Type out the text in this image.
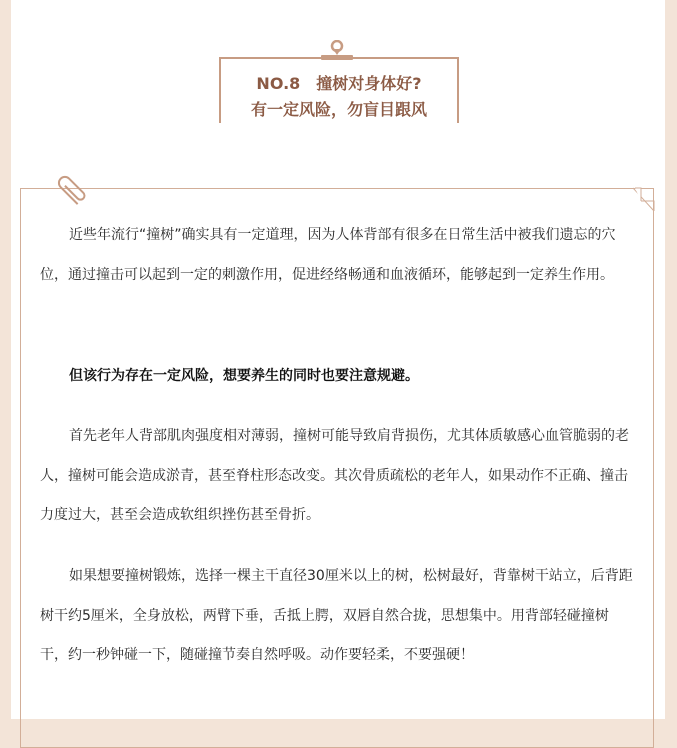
NO.8　撞树对身体好?
有一定风险，勿盲目跟风

近些年流行“撞树”确实具有一定道理，因为人体背部有很多在日常生活中被我们遗忘的穴位，通过撞击可以起到一定的刺激作用，促进经络畅通和血液循环，能够起到一定养生作用。

但该行为存在一定风险，想要养生的同时也要注意规避。

首先老年人背部肌肉强度相对薄弱，撞树可能导致肩背损伤，尤其体质敏感心血管脆弱的老人，撞树可能会造成淤青，甚至脊柱形态改变。其次骨质疏松的老年人，如果动作不正确、撞击力度过大，甚至会造成软组织挫伤甚至骨折。

如果想要撞树锻炼，选择一棵主干直径30厘米以上的树，松树最好，背靠树干站立，后背距树干约5厘米，全身放松，两臂下垂，舌抵上腭，双唇自然合拢，思想集中。用背部轻碰撞树干，约一秒钟碰一下，随碰撞节奏自然呼吸。动作要轻柔，不要强硬！
